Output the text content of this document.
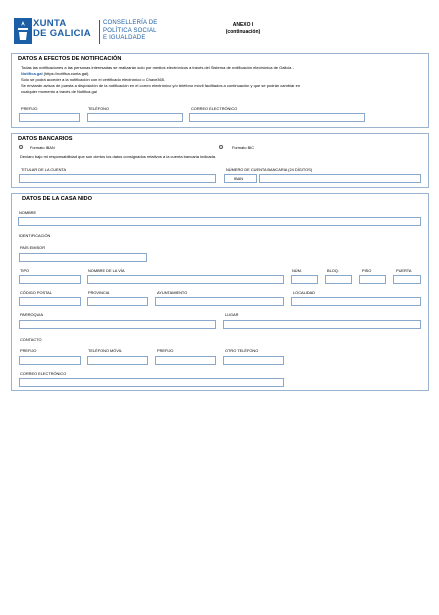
XUNTA
DE GALICIA
CONSELLERÍA DE
POLÍTICA SOCIAL
E IGUALDADE
ANEXO I
(continuación)
DATOS A EFECTOS DE NOTIFICACIÓN
Todas las notificaciones a las personas interesadas se realizarán solo por medios electrónicos a través del Sistema de notificación electrónica de Galicia -
Notifica.gal (https://notifica.xunta.gal).
Solo se podrá acceder a la notificación con el certificado electrónico o Chave365.
Se enviarán avisos de puesta a disposición de la notificación en el correo electrónico y/o teléfono móvil facilitados a continuación y que se podrán cambiar en
cualquier momento a través de Notifica.gal
PREFIJO	TELÉFONO	CORREO ELECTRÓNICO
DATOS BANCARIOS
Formato IBAN	Formato BIC
Declaro bajo mi responsabilidad que son ciertos los datos consignados relativos a la cuenta bancaria indicada.
TITULAR DE LA CUENTA	NÚMERO DE CUENTA BANCARIA (24 DÍGITOS)
IBAN
DATOS DE LA CASA NIDO
NOMBRE
IDENTIFICACIÓN
PAÍS EMISOR
TIPO	NOMBRE DE LA VÍA	NÚM.	BLOQ.	PISO	PUERTA
CÓDIGO POSTAL	PROVINCIA	AYUNTAMIENTO	LOCALIDAD
PARROQUIA	LUGAR
CONTACTO
PREFIJO	TELÉFONO MÓVIL	PREFIJO	OTRO TELÉFONO
CORREO ELECTRÓNICO
